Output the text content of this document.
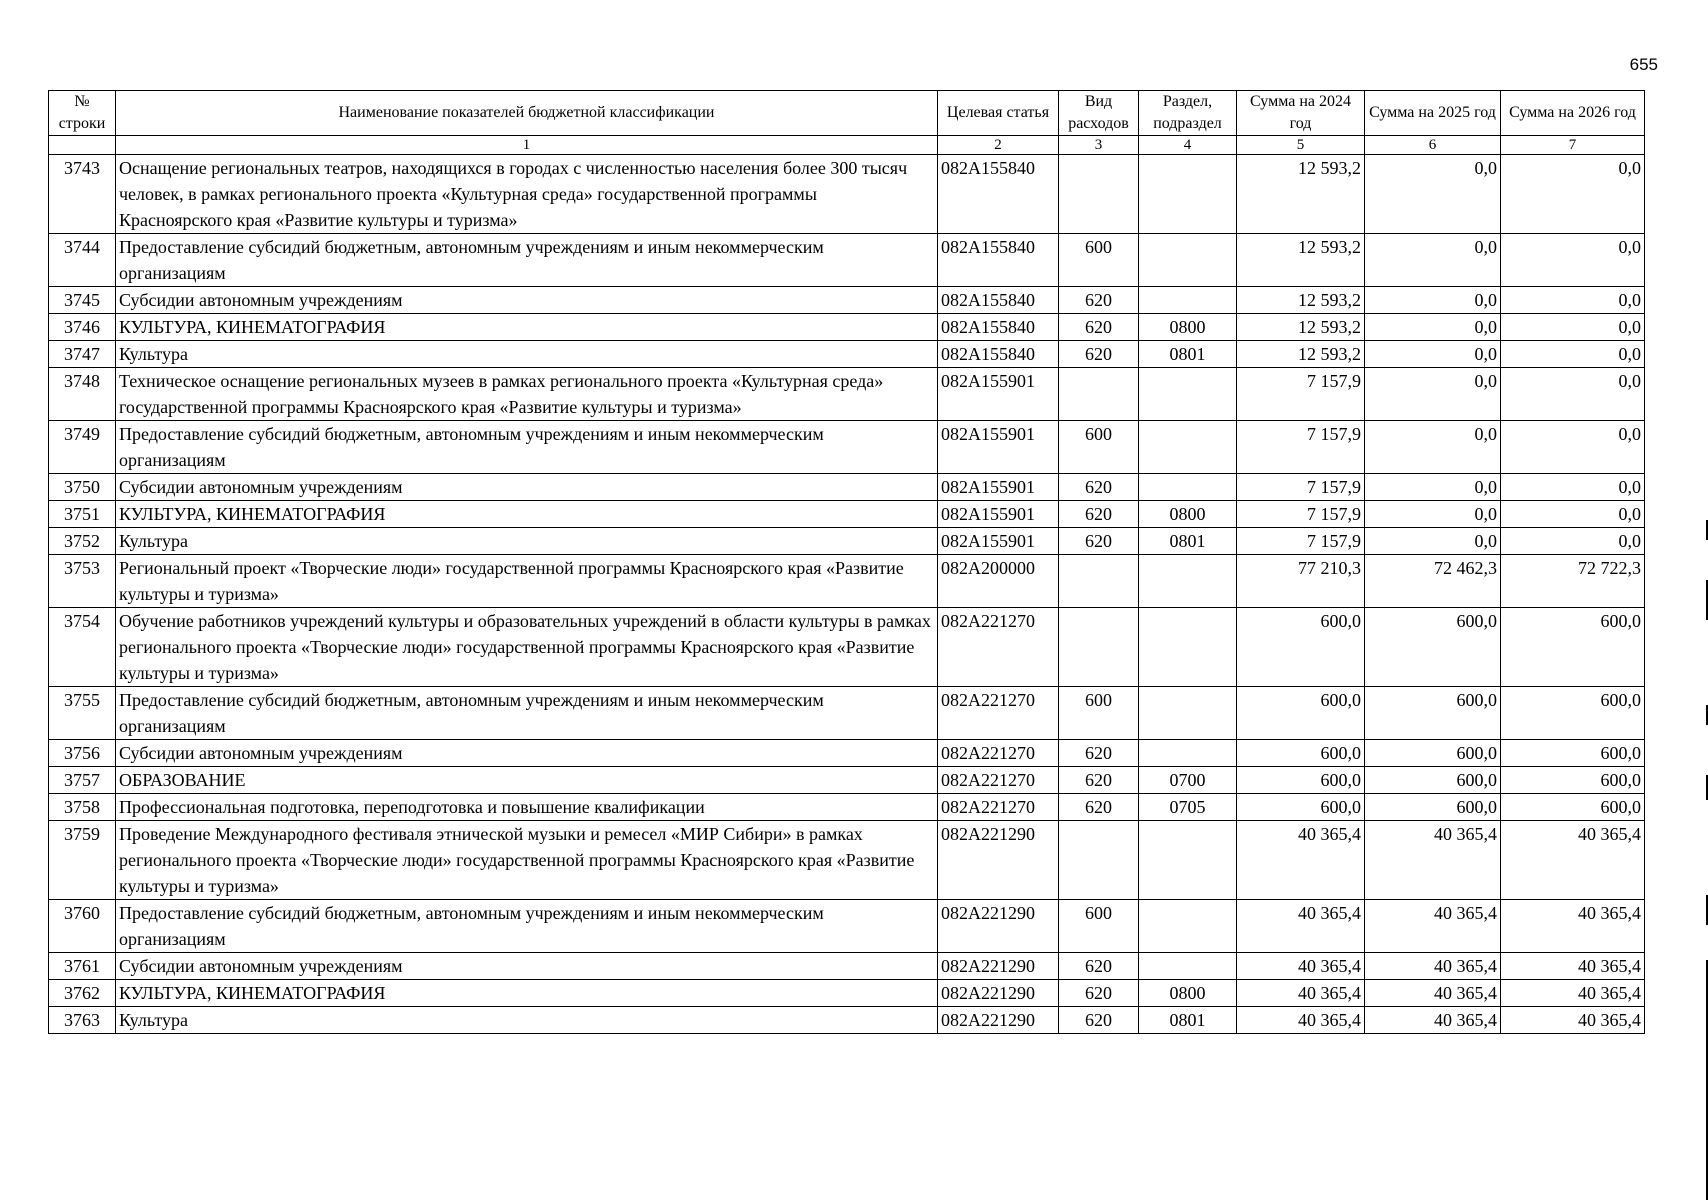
655
№ строки	Наименование показателей бюджетной классификации	Целевая статья	Вид расходов	Раздел, подраздел	Сумма на 2024 год	Сумма на 2025 год	Сумма на 2026 год
	1	2	3	4	5	6	7
3743	Оснащение региональных театров, находящихся в городах с численностью населения более 300 тысяч человек, в рамках регионального проекта «Культурная среда» государственной программы Красноярского края «Развитие культуры и туризма»	082A155840			12 593,2	0,0	0,0
3744	Предоставление субсидий бюджетным, автономным учреждениям и иным некоммерческим организациям	082A155840	600		12 593,2	0,0	0,0
3745	Субсидии автономным учреждениям	082A155840	620		12 593,2	0,0	0,0
3746	КУЛЬТУРА, КИНЕМАТОГРАФИЯ	082A155840	620	0800	12 593,2	0,0	0,0
3747	Культура	082A155840	620	0801	12 593,2	0,0	0,0
3748	Техническое оснащение региональных музеев в рамках регионального проекта «Культурная среда» государственной программы Красноярского края «Развитие культуры и туризма»	082A155901			7 157,9	0,0	0,0
3749	Предоставление субсидий бюджетным, автономным учреждениям и иным некоммерческим организациям	082A155901	600		7 157,9	0,0	0,0
3750	Субсидии автономным учреждениям	082A155901	620		7 157,9	0,0	0,0
3751	КУЛЬТУРА, КИНЕМАТОГРАФИЯ	082A155901	620	0800	7 157,9	0,0	0,0
3752	Культура	082A155901	620	0801	7 157,9	0,0	0,0
3753	Региональный проект «Творческие люди» государственной программы Красноярского края «Развитие культуры и туризма»	082A200000			77 210,3	72 462,3	72 722,3
3754	Обучение работников учреждений культуры и образовательных учреждений в области культуры в рамках регионального проекта «Творческие люди» государственной программы Красноярского края «Развитие культуры и туризма»	082A221270			600,0	600,0	600,0
3755	Предоставление субсидий бюджетным, автономным учреждениям и иным некоммерческим организациям	082A221270	600		600,0	600,0	600,0
3756	Субсидии автономным учреждениям	082A221270	620		600,0	600,0	600,0
3757	ОБРАЗОВАНИЕ	082A221270	620	0700	600,0	600,0	600,0
3758	Профессиональная подготовка, переподготовка и повышение квалификации	082A221270	620	0705	600,0	600,0	600,0
3759	Проведение Международного фестиваля этнической музыки и ремесел «МИР Сибири» в рамках регионального проекта «Творческие люди» государственной программы Красноярского края «Развитие культуры и туризма»	082A221290			40 365,4	40 365,4	40 365,4
3760	Предоставление субсидий бюджетным, автономным учреждениям и иным некоммерческим организациям	082A221290	600		40 365,4	40 365,4	40 365,4
3761	Субсидии автономным учреждениям	082A221290	620		40 365,4	40 365,4	40 365,4
3762	КУЛЬТУРА, КИНЕМАТОГРАФИЯ	082A221290	620	0800	40 365,4	40 365,4	40 365,4
3763	Культура	082A221290	620	0801	40 365,4	40 365,4	40 365,4
